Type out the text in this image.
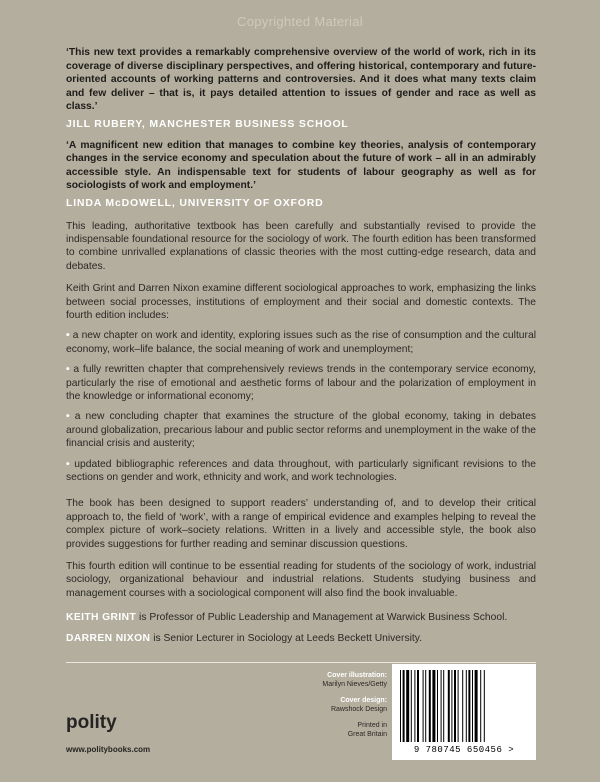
Copyrighted Material
‘This new text provides a remarkably comprehensive overview of the world of work, rich in its coverage of diverse disciplinary perspectives, and offering historical, contemporary and future-oriented accounts of working patterns and controversies. And it does what many texts claim and few deliver – that is, it pays detailed attention to issues of gender and race as well as class.’
JILL RUBERY, MANCHESTER BUSINESS SCHOOL
‘A magnificent new edition that manages to combine key theories, analysis of contemporary changes in the service economy and speculation about the future of work – all in an admirably accessible style. An indispensable text for students of labour geography as well as for sociologists of work and employment.’
LINDA McDOWELL, UNIVERSITY OF OXFORD

This leading, authoritative textbook has been carefully and substantially revised to provide the indispensable foundational resource for the sociology of work. The fourth edition has been transformed to combine unrivalled explanations of classic theories with the most cutting-edge research, data and debates.

Keith Grint and Darren Nixon examine different sociological approaches to work, emphasizing the links between social processes, institutions of employment and their social and domestic contexts. The fourth edition includes:

• a new chapter on work and identity, exploring issues such as the rise of consumption and the cultural economy, work–life balance, the social meaning of work and unemployment;
• a fully rewritten chapter that comprehensively reviews trends in the contemporary service economy, particularly the rise of emotional and aesthetic forms of labour and the polarization of employment in the knowledge or informational economy;
• a new concluding chapter that examines the structure of the global economy, taking in debates around globalization, precarious labour and public sector reforms and unemployment in the wake of the financial crisis and austerity;
• updated bibliographic references and data throughout, with particularly significant revisions to the sections on gender and work, ethnicity and work, and work technologies.

The book has been designed to support readers’ understanding of, and to develop their critical approach to, the field of ‘work’, with a range of empirical evidence and examples helping to reveal the complex picture of work–society relations. Written in a lively and accessible style, the book also provides suggestions for further reading and seminar discussion questions.

This fourth edition will continue to be essential reading for students of the sociology of work, industrial sociology, organizational behaviour and industrial relations. Students studying business and management courses with a sociological component will also find the book invaluable.

KEITH GRINT is Professor of Public Leadership and Management at Warwick Business School.
DARREN NIXON is Senior Lecturer in Sociology at Leeds Beckett University.
polity
www.politybooks.com
Cover illustration:
Marilyn Nieves/Getty
Cover design:
Rawshock Design
Printed in
Great Britain
9 780745 650456 >
